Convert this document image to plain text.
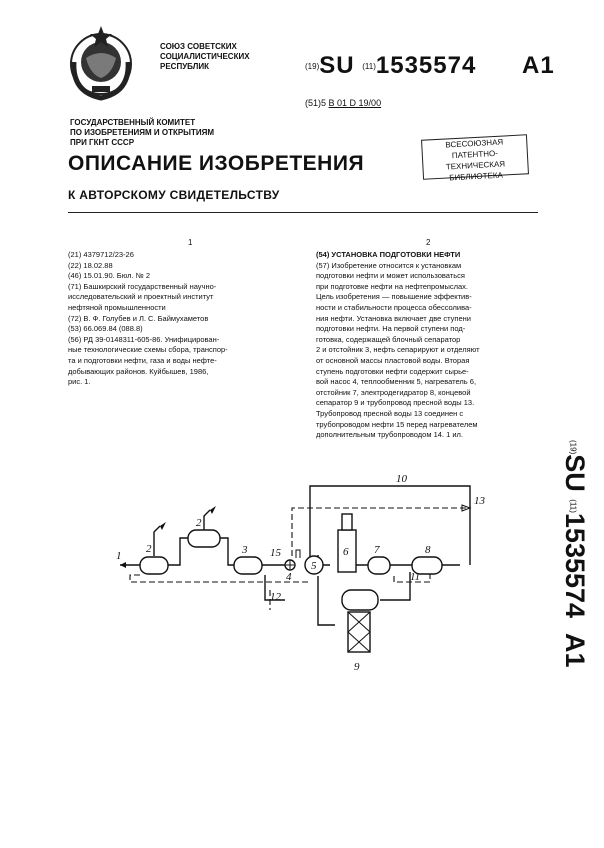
СОЮЗ СОВЕТСКИХ
СОЦИАЛИСТИЧЕСКИХ
РЕСПУБЛИК	(19)SU (11)1535574 A1
(51)5 B 01 D 19/00
ГОСУДАРСТВЕННЫЙ КОМИТЕТ
ПО ИЗОБРЕТЕНИЯМ И ОТКРЫТИЯМ
ПРИ ГКНТ СССР	ВСЕСОЮЗНАЯ
ПАТЕНТНО-ТЕХНИЧЕСКАЯ
БИБЛИОТЕКА
ОПИСАНИЕ ИЗОБРЕТЕНИЯ
К АВТОРСКОМУ СВИДЕТЕЛЬСТВУ
1	2
(21) 4379712/23-26
(22) 18.02.88
(46) 15.01.90. Бюл. № 2
(71) Башкирский государственный научно-
исследовательский и проектный институт
нефтяной промышленности
(72) В. Ф. Голубев и Л. С. Баймухаметов
(53) 66.069.84 (088.8)
(56) РД 39-0148311-605-86. Унифицирован-
ные технологические схемы сбора, транспор-
та и подготовки нефти, газа и воды нефте-
добывающих районов. Куйбышев, 1986,
рис. 1.
(54) УСТАНОВКА ПОДГОТОВКИ НЕФТИ
(57) Изобретение относится к установкам
подготовки нефти и может использоваться
при подготовке нефти на нефтепромыслах.
Цель изобретения — повышение эффектив-
ности и стабильности процесса обессолива-
ния нефти. Установка включает две ступени
подготовки нефти. На первой ступени под-
готовка, содержащей блочный сепаратор
2 и отстойник 3, нефть сепарируют и отделяют
от основной массы пластовой воды. Вторая
ступень подготовки нефти содержит сырье-
вой насос 4, теплообменник 5, нагреватель 6,
отстойник 7, электродегидратор 8, концевой
сепаратор 9 и трубопровод пресной воды 13.
Трубопровод пресной воды 13 соединен с
трубопроводом нефти 15 перед нагревателем
дополнительным трубопроводом 14. 1 ил.
(19)SU (11)1535574  A1
1
2
2
3
4
5
6 7	8
9
10
11
12
13
15
